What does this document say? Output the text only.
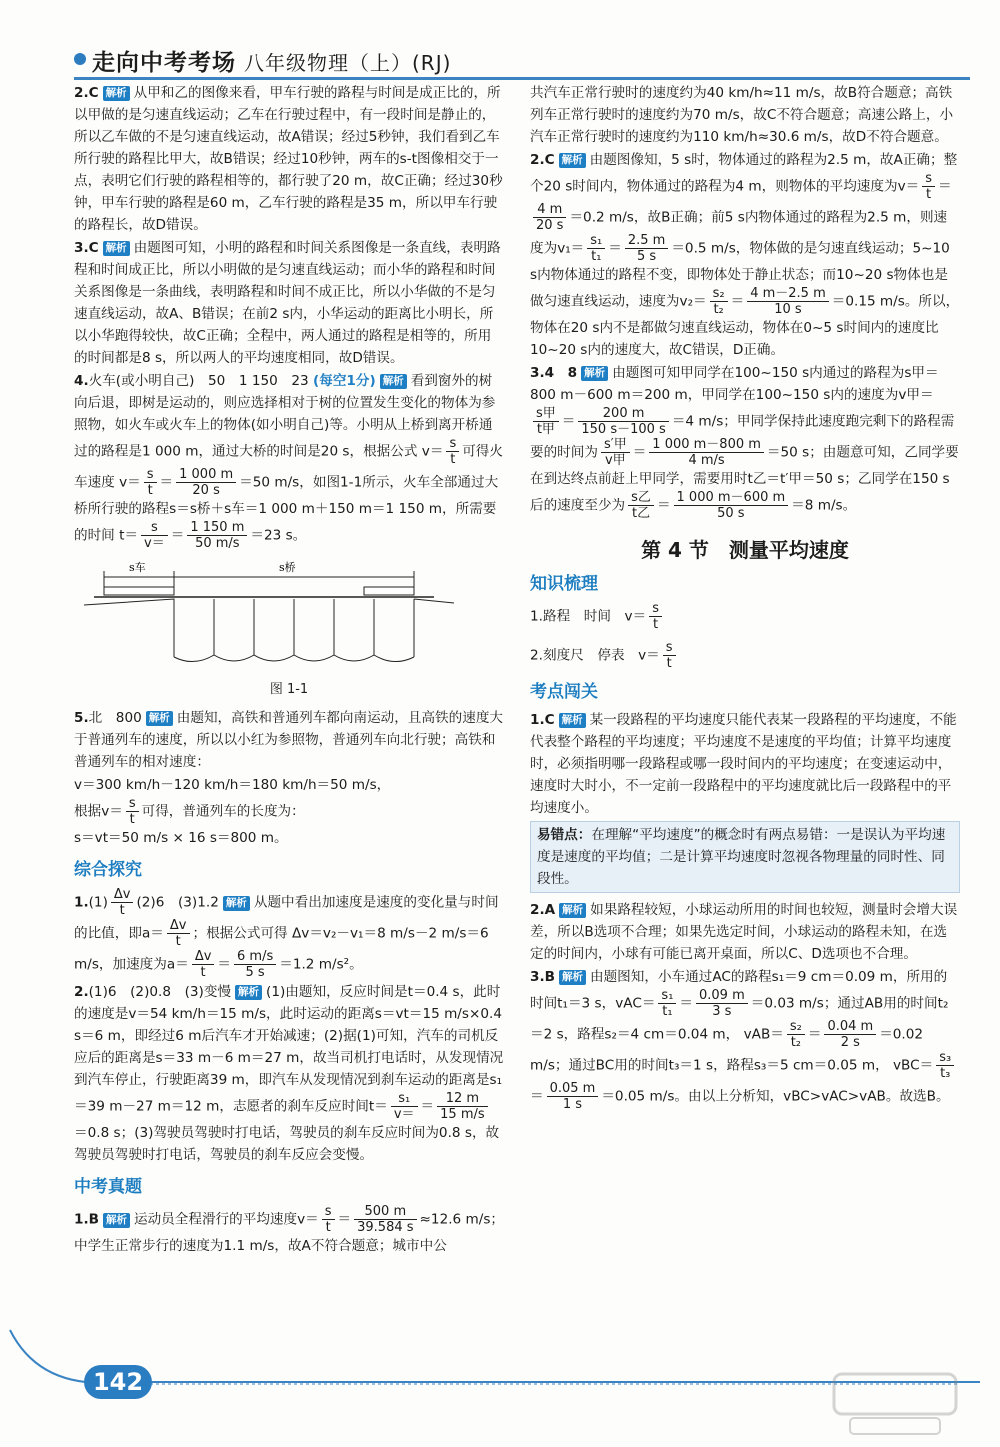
走向中考考场 八年级物理（上）(RJ)

2.C 解析 从甲和乙的图像来看，甲车行驶的路程与时间是成正比的，所以甲做的是匀速直线运动；乙车在行驶过程中，有一段时间是静止的，所以乙车做的不是匀速直线运动，故A错误；经过5秒钟，我们看到乙车所行驶的路程比甲大，故B错误；经过10秒钟，两车的s-t图像相交于一点，表明它们行驶的路程相等的，都行驶了20 m，故C正确；经过30秒钟，甲车行驶的路程是60 m，乙车行驶的路程是35 m，所以甲车行驶的路程长，故D错误。

3.C 解析 由题图可知，小明的路程和时间关系图像是一条直线，表明路程和时间成正比，所以小明做的是匀速直线运动；而小华的路程和时间关系图像是一条曲线，表明路程和时间不成正比，所以小华做的不是匀速直线运动，故A、B错误；在前2 s内，小华运动的距离比小明长，所以小华跑得较快，故C正确；全程中，两人通过的路程是相等的，所用的时间都是8 s，所以两人的平均速度相同，故D错误。

4.火车(或小明自己)　50　1 150　23 (每空1分) 解析 看到窗外的树向后退，即树是运动的，则应选择相对于树的位置发生变化的物体为参照物，如火车或火车上的物体(如小明自己)等。小明从上桥到离开桥通过的路程是1 000 m，通过大桥的时间是20 s，根据公式 $v= \frac{s}{t}$ 可得火车速度 $v= \frac{s}{t} = \frac{1 000 m}{20 s} =50$ m/s，如图1-1所示，火车全部通过大桥所行驶的路程s＝s桥＋s车＝1 000 m＋150 m＝1 150 m，所需要的时间 $t= \frac{s}{v=} = \frac{1 150 m}{50 m/s} =23$ s。

s车	s桥
图 1-1

5.北　800 解析 由题知，高铁和普通列车都向南运动，且高铁的速度大于普通列车的速度，所以以小红为参照物，普通列车向北行驶；高铁和普通列车的相对速度：

v＝300 km/h－120 km/h＝180 km/h＝50 m/s，

根据$v= \frac{s}{t}$ 可得，普通列车的长度为：

s＝vt＝50 m/s × 16 s＝800 m。

综合探究

$1.(1) \frac{\Delta v}{t} (2)6$　(3)1.2 解析 从题中看出加速度是速度的变化量与时间的比值，即$a= \frac{\Delta v}{t}$ ；根据公式可得 Δv＝v₂－v₁＝8 m/s－2 m/s＝6 m/s，加速度为$a= \frac{\Delta v}{t} = \frac{6 m/s}{5 s} =1.2$ m/s²。

2.(1)6　(2)0.8　(3)变慢 解析 (1)由题知，反应时间是t＝0.4 s，此时的速度是v＝54 km/h＝15 m/s，此时运动的距离s＝vt＝15 m/s×0.4 s＝6 m，即经过6 m后汽车才开始减速；(2)据(1)可知，汽车的司机反应后的距离是s＝33 m－6 m＝27 m，故当司机打电话时，从发现情况到汽车停止，行驶距离39 m，即汽车从发现情况到刹车运动的距离是s₁＝39 m－27 m＝12 m，志愿者的刹车反应时间$t= \frac{\text{s₁}}{v=} = \frac{12 m}{15 m/s}$
＝0.8 s；(3)驾驶员驾驶时打电话，驾驶员的刹车反应时间为0.8 s，故驾驶员驾驶时打电话，驾驶员的刹车反应会变慢。

中考真题

1.B 解析 运动员全程滑行的平均速度$v= \frac{s}{t} = \frac{500 m}{39.584 s} \approx 12.6$ m/s；中学生正常步行的速度为1.1 m/s，故A不符合题意；城市中公

共汽车正常行驶时的速度约为40 km/h≈11 m/s，故B符合题意；高铁列车正常行驶时的速度约为70 m/s，故C不符合题意；高速公路上，小汽车正常行驶时的速度约为110 km/h≈30.6 m/s，故D不符合题意。

2.C 解析 由题图像知，5 s时，物体通过的路程为2.5 m，故A正确；整个20 s时间内，物体通过的路程为4 m，则物体的平均速度为$v= \frac{s}{t}$ ＝
$\frac{4 m}{20 s} =0.2$ m/s，故B正确；前5 s内物体通过的路程为2.5 m，则速度为$v_1= \frac{\text{s₁}}{\text{t₁}} = \frac{2.5 m}{5 s} =0.5$ m/s，物体做的是匀速直线运动；5~10 s内物体通过的路程不变，即物体处于静止状态；而10~20 s物体也是做匀速直线运动，速度为$v_2= \frac{\text{s₂}}{\text{t₂}} = \frac{4 m-2.5 m}{10 s} =0.15$ m/s。所以，物体在20 s内不是都做匀速直线运动，物体在0~5 s时间内的速度比10~20 s内的速度大，故C错误，D正确。

3.4　8 解析 由题图可知甲同学在100~150 s内通过的路程为s甲＝800 m－600 m＝200 m，甲同学在100~150 s内的速度为v甲＝
$\frac{\text{s甲}}{\text{t甲}} = \frac{200 m}{150 s-100 s} =4$ m/s；甲同学保持此速度跑完剩下的路程需要的时间为 $\frac{\text{s′甲}}{\text{v甲}} = \frac{1 000 m-800 m}{4 m/s} =50$ s；由题意可知，乙同学要在到达终点前赶上甲同学，需要用时t乙＝t′甲＝50 s；乙同学在150 s后的速度至少为 $\frac{\text{s乙}}{\text{t乙}} = \frac{1 000 m-600 m}{50 s} =8$ m/s。

第 4 节　测量平均速度
知识梳理

1.路程　时间　 $v= \frac{s}{t}$

2.刻度尺　停表　 $v= \frac{s}{t}$

考点闯关

1.C 解析 某一段路程的平均速度只能代表某一段路程的平均速度，不能代表整个路程的平均速度；平均速度不是速度的平均值；计算平均速度时，必须指明哪一段路程或哪一段时间内的平均速度；在变速运动中，速度时大时小，不一定前一段路程中的平均速度就比后一段路程中的平均速度小。

易错点：在理解“平均速度”的概念时有两点易错：一是误认为平均速度是速度的平均值；二是计算平均速度时忽视各物理量的同时性、同段性。

2.A 解析 如果路程较短，小球运动所用的时间也较短，测量时会增大误差，所以B选项不合理；如果先选定时间，小球运动的路程未知，在选定的时间内，小球有可能已离开桌面，所以C、D选项也不合理。

3.B 解析 由题图知，小车通过AC的路程s₁＝9 cm＝0.09 m，所用的时间t₁＝3 s，$vAC= \frac{\text{s₁}}{\text{t₁}} = \frac{0.09 m}{3 s} =0.03$ m/s；通过AB用的时间t₂＝2 s，路程s₂＝4 cm＝0.04 m， $vAB= \frac{\text{s₂}}{\text{t₂}} = \frac{0.04 m}{2 s} =0.02$ m/s；通过BC用的时间t₃＝1 s，路程s₃＝5 cm＝0.05 m， $vBC= \frac{\text{s₃}}{\text{t₃}}$
＝ $\frac{0.05 m}{1 s} =0.05$ m/s。由以上分析知，vBC>vAC>vAB。故选B。

142
